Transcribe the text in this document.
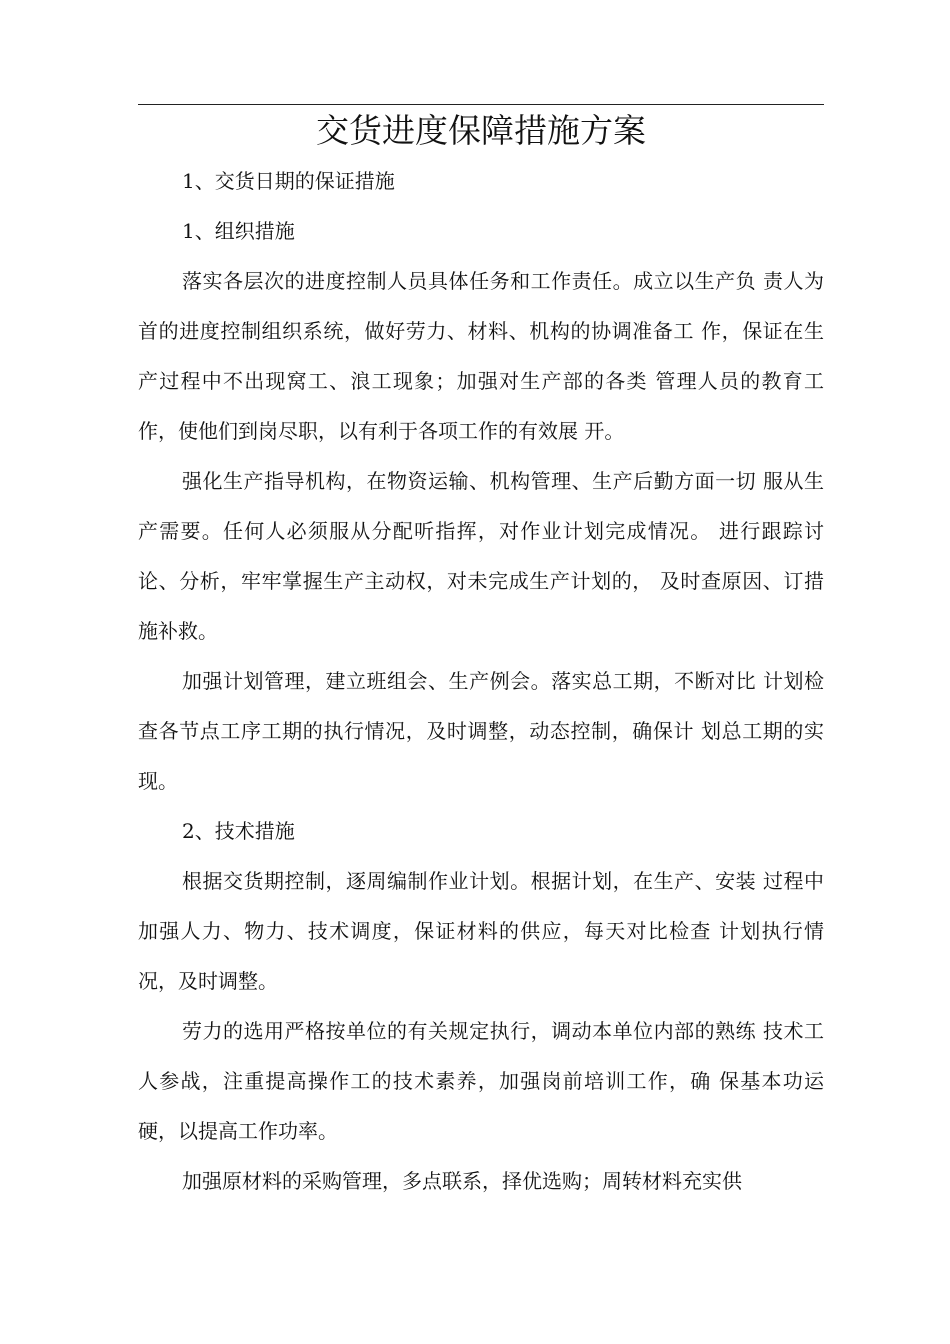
交货进度保障措施方案

1、交货日期的保证措施

1、组织措施

落实各层次的进度控制人员具体任务和工作责任。成立以生产负 责人为首的进度控制组织系统，做好劳力、材料、机构的协调准备工 作，保证在生产过程中不出现窝工、浪工现象；加强对生产部的各类 管理人员的教育工作，使他们到岗尽职，以有利于各项工作的有效展 开。

强化生产指导机构，在物资运输、机构管理、生产后勤方面一切 服从生产需要。任何人必须服从分配听指挥，对作业计划完成情况。 进行跟踪讨论、分析，牢牢掌握生产主动权，对未完成生产计划的， 及时查原因、订措施补救。

加强计划管理，建立班组会、生产例会。落实总工期，不断对比 计划检查各节点工序工期的执行情况，及时调整，动态控制，确保计 划总工期的实现。

2、技术措施

根据交货期控制，逐周编制作业计划。根据计划，在生产、安装 过程中加强人力、物力、技术调度，保证材料的供应，每天对比检查 计划执行情况，及时调整。

劳力的选用严格按单位的有关规定执行，调动本单位内部的熟练 技术工人参战，注重提高操作工的技术素养，加强岗前培训工作，确 保基本功运硬，以提高工作功率。

加强原材料的采购管理，多点联系，择优选购；周转材料充实供
